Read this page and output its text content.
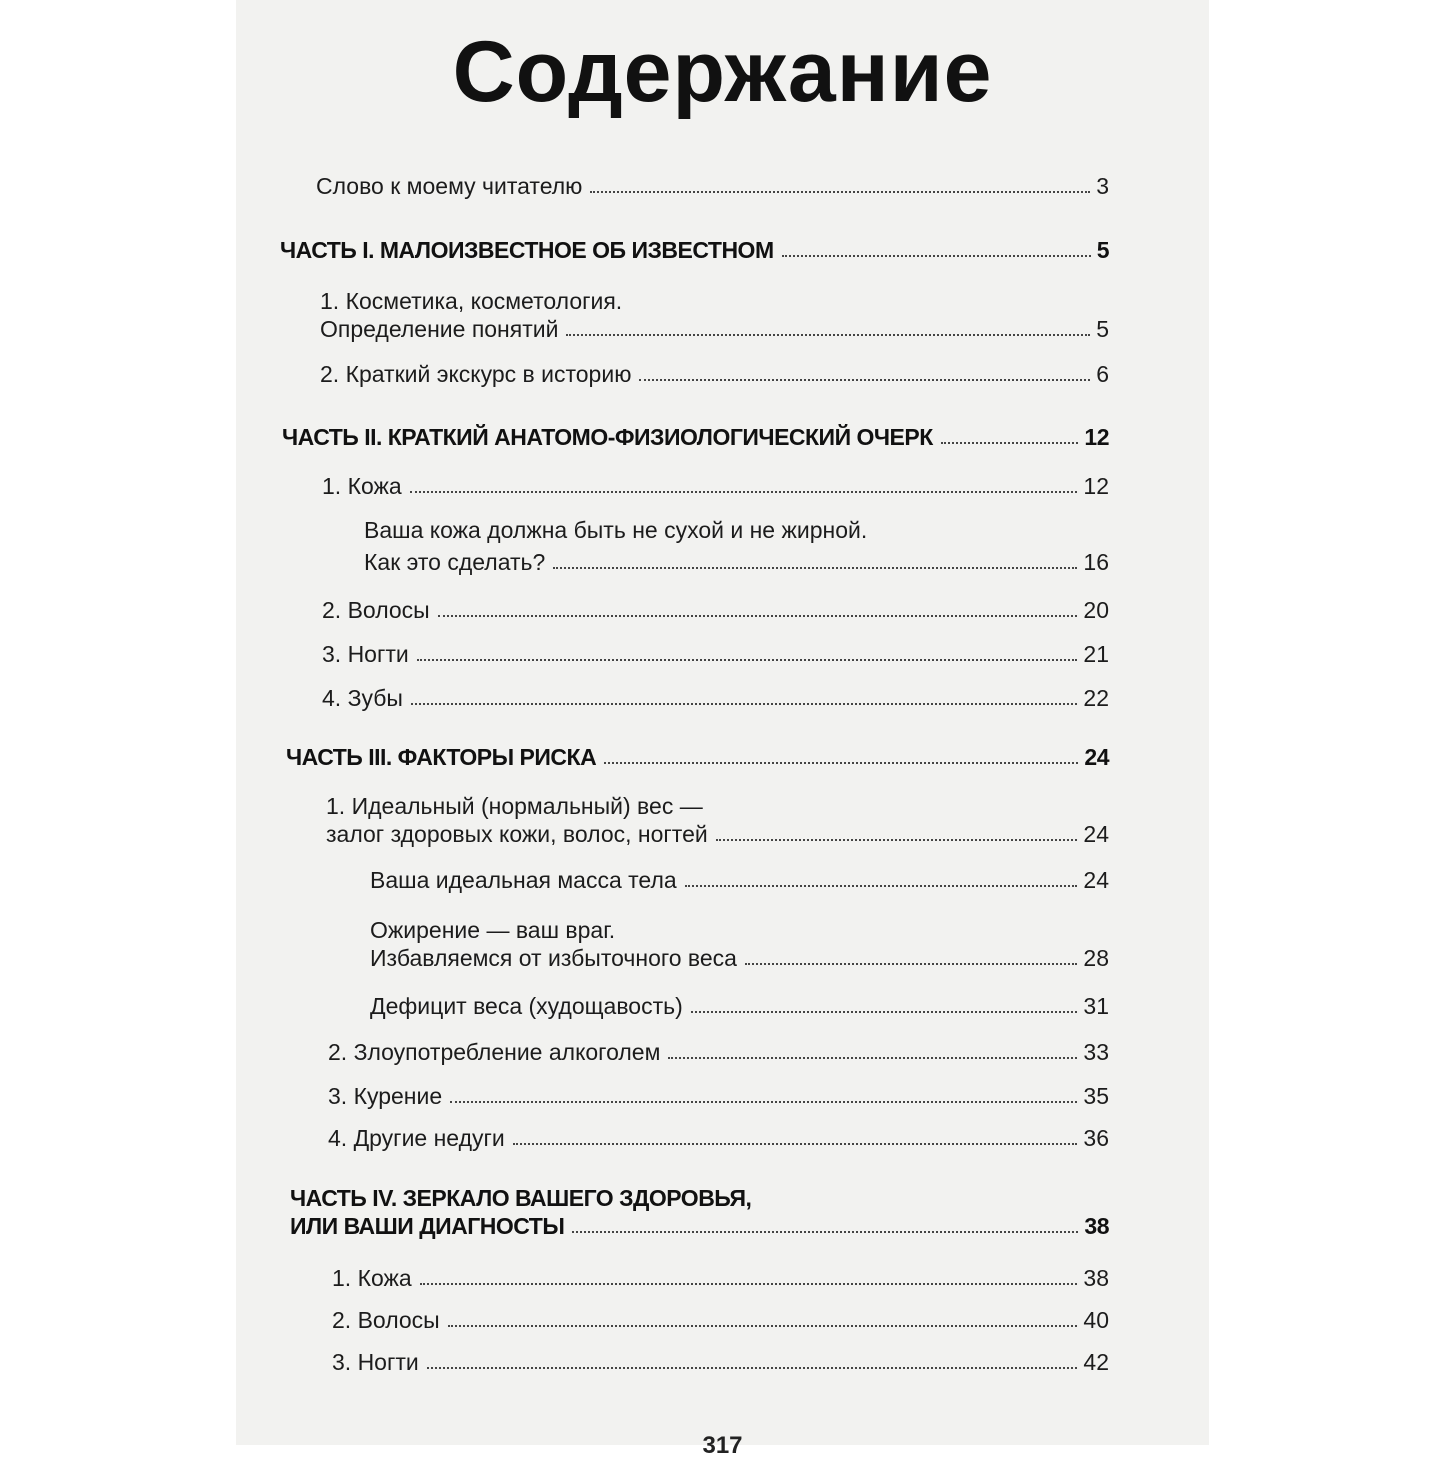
Содержание
Слово к моему читателю	3
ЧАСТЬ I. МАЛОИЗВЕСТНОЕ ОБ ИЗВЕСТНОМ	5
1. Косметика, косметология.
Определение понятий	5
2. Краткий экскурс в историю	6
ЧАСТЬ II. КРАТКИЙ АНАТОМО-ФИЗИОЛОГИЧЕСКИЙ ОЧЕРК	12
1. Кожа	12
Ваша кожа должна быть не сухой и не жирной.
Как это сделать?	16
2. Волосы	20
3. Ногти	21
4. Зубы	22
ЧАСТЬ III. ФАКТОРЫ РИСКА	24
1. Идеальный (нормальный) вес —
залог здоровых кожи, волос, ногтей	24
Ваша идеальная масса тела	24
Ожирение — ваш враг.
Избавляемся от избыточного веса	28
Дефицит веса (худощавость)	31
2. Злоупотребление алкоголем	33
3. Курение	35
4. Другие недуги	36
ЧАСТЬ IV. ЗЕРКАЛО ВАШЕГО ЗДОРОВЬЯ,
ИЛИ ВАШИ ДИАГНОСТЫ	38
1. Кожа	38
2. Волосы	40
3. Ногти	42
317
